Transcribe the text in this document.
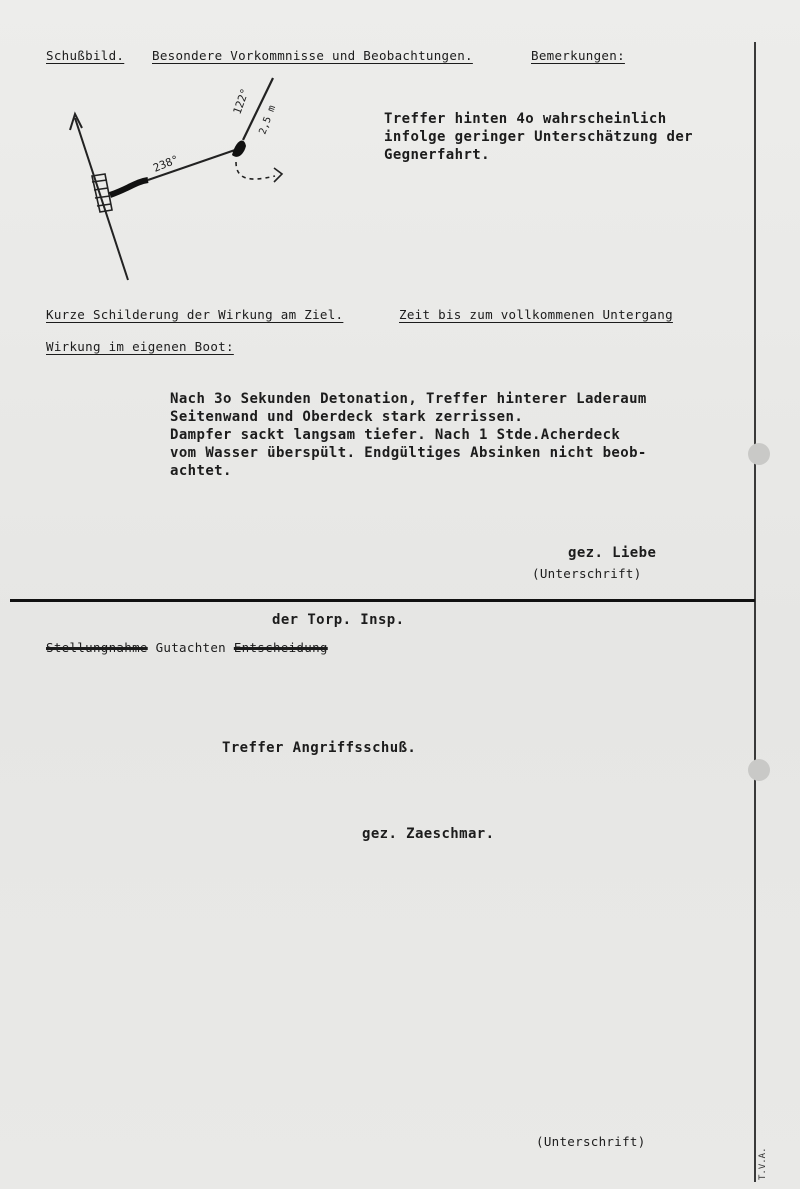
Schußbild. Besondere Vorkommnisse und Beobachtungen.	Bemerkungen:
238°
122°
2,5 m	Treffer hinten 4o wahrscheinlich
infolge geringer Unterschätzung der
Gegnerfahrt.
Kurze Schilderung der Wirkung am Ziel.	Zeit bis zum vollkommenen Untergang
Wirkung im eigenen Boot:
Nach 3o Sekunden Detonation, Treffer hinterer Laderaum
Seitenwand und Oberdeck stark zerrissen.
Dampfer sackt langsam tiefer. Nach 1 Stde.Acherdeck
vom Wasser überspült. Endgültiges Absinken nicht beob-
achtet.
gez. Liebe
(Unterschrift)
der Torp. Insp.
Stellungnahme Gutachten Entscheidung
Treffer Angriffsschuß.
gez. Zaeschmar.
(Unterschrift)
T.V.A.
